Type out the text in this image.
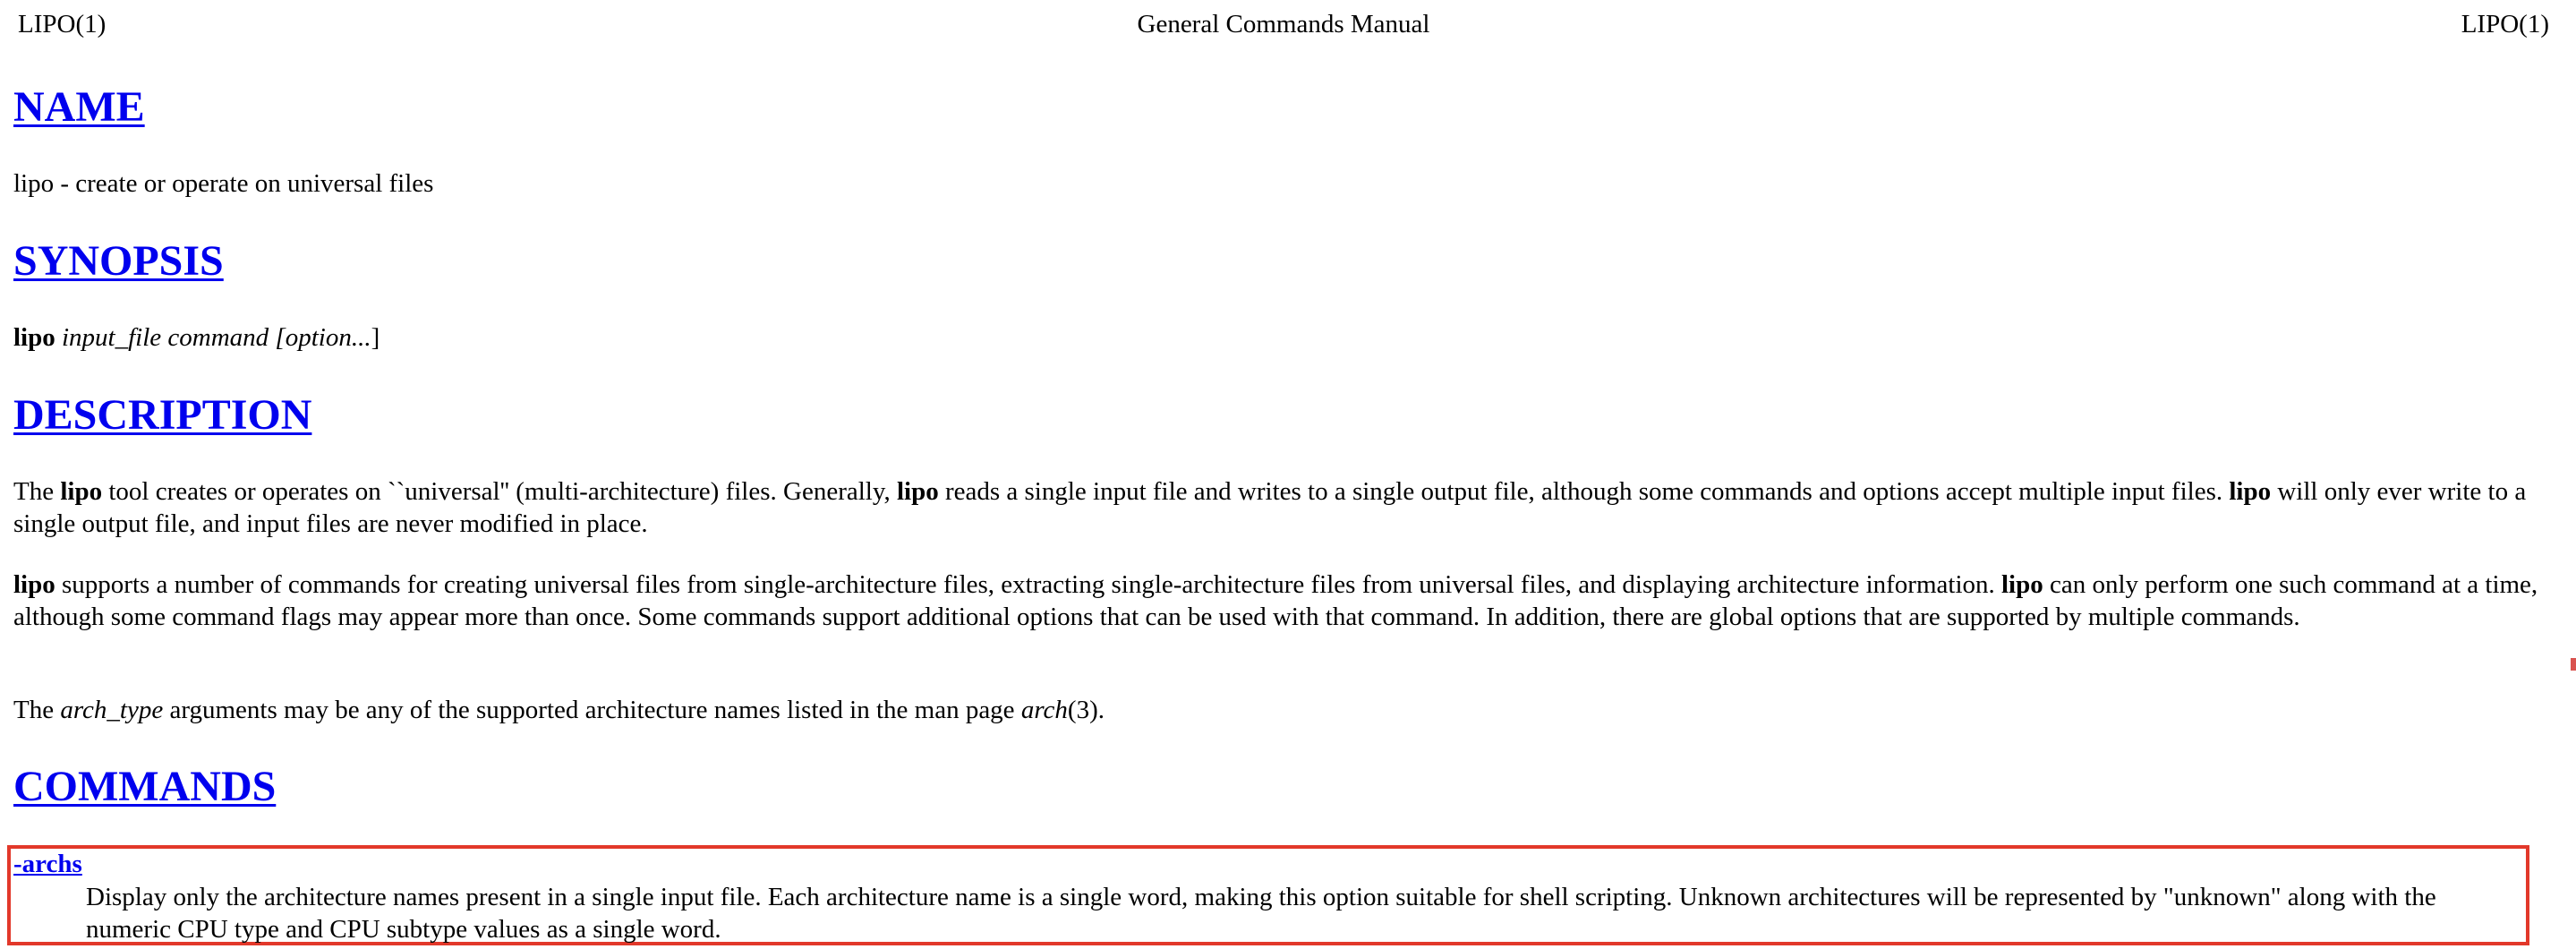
LIPO(1)	General Commands Manual	LIPO(1)
NAME

lipo - create or operate on universal files

SYNOPSIS

lipo input_file command [option...]

DESCRIPTION

The lipo tool creates or operates on ``universal'' (multi-architecture) files. Generally, lipo reads a single input file and writes to a single output file, although some commands and options accept multiple input files. lipo will only ever write to a single output file, and input files are never modified in place.

lipo supports a number of commands for creating universal files from single-architecture files, extracting single-architecture files from universal files, and displaying architecture information. lipo can only perform one such command at a time, although some command flags may appear more than once. Some commands support additional options that can be used with that command. In addition, there are global options that are supported by multiple commands.

The arch_type arguments may be any of the supported architecture names listed in the man page arch(3).

COMMANDS
-archs
Display only the architecture names present in a single input file. Each architecture name is a single word, making this option suitable for shell scripting. Unknown architectures will be represented by "unknown" along with the numeric CPU type and CPU subtype values as a single word.
